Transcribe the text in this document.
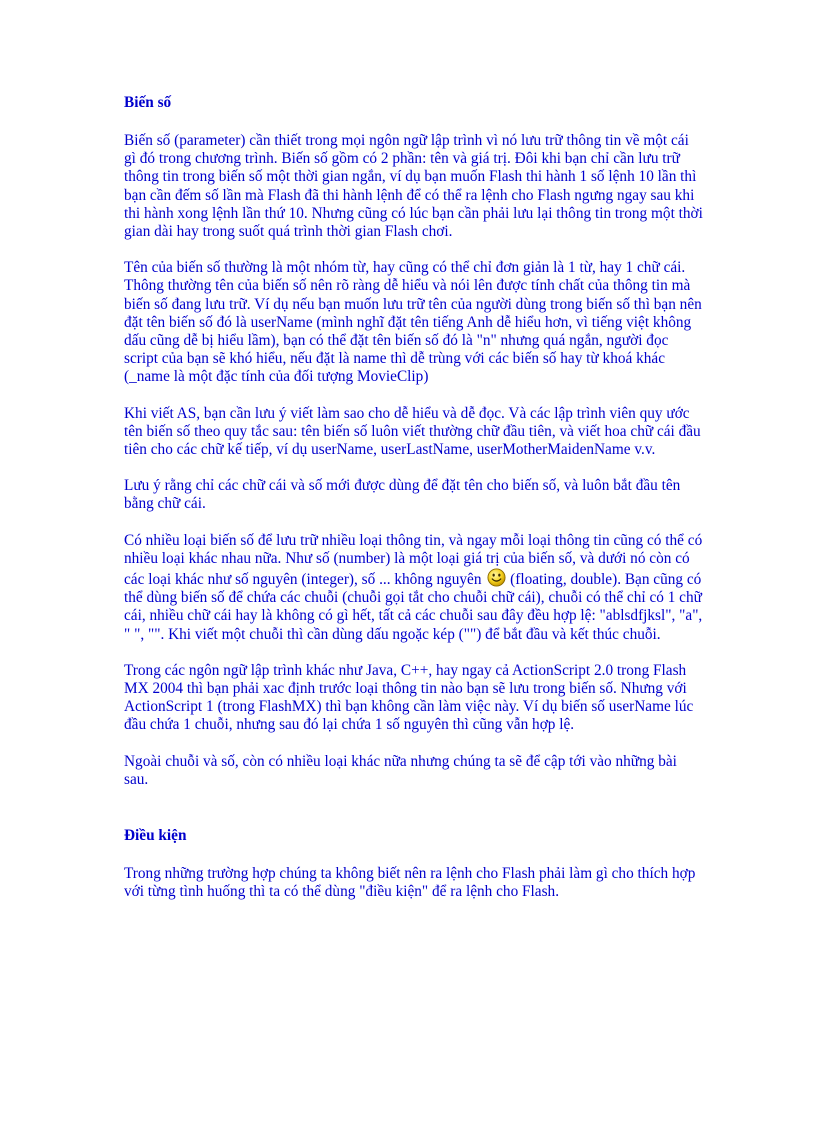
Biến số

Biến số (parameter) cần thiết trong mọi ngôn ngữ lập trình vì nó lưu trữ thông tin về một cái gì đó trong chương trình. Biến số gồm có 2 phần: tên và giá trị. Đôi khi bạn chỉ cần lưu trữ thông tin trong biến số một thời gian ngắn, ví dụ bạn muốn Flash thi hành 1 số lệnh 10 lần thì bạn cần đếm số lần mà Flash đã thi hành lệnh để có thể ra lệnh cho Flash ngưng ngay sau khi thi hành xong lệnh lần thứ 10. Nhưng cũng có lúc bạn cần phải lưu lại thông tin trong một thời gian dài hay trong suốt quá trình thời gian Flash chơi.

Tên của biến số thường là một nhóm từ, hay cũng có thể chỉ đơn giản là 1 từ, hay 1 chữ cái. Thông thường tên của biến số nên rõ ràng dễ hiểu và nói lên được tính chất của thông tin mà biến số đang lưu trữ. Ví dụ nếu bạn muốn lưu trữ tên của người dùng trong biến số thì bạn nên đặt tên biến số đó là userName (mình nghĩ đặt tên tiếng Anh dễ hiểu hơn, vì tiếng việt không dấu cũng dễ bị hiểu lầm), bạn có thể đặt tên biến số đó là "n" nhưng quá ngắn, người đọc script của bạn sẽ khó hiểu, nếu đặt là name thì dễ trùng với các biến số hay từ khoá khác (_name là một đặc tính của đối tượng MovieClip)

Khi viết AS, bạn cần lưu ý viết làm sao cho dễ hiểu và dễ đọc. Và các lập trình viên quy ước tên biến số theo quy tắc sau: tên biến số luôn viết thường chữ đầu tiên, và viết hoa chữ cái đầu tiên cho các chữ kế tiếp, ví dụ userName, userLastName, userMotherMaidenName v.v.

Lưu ý rằng chỉ các chữ cái và số mới được dùng để đặt tên cho biến số, và luôn bắt đầu tên bằng chữ cái.

Có nhiều loại biến số để lưu trữ nhiều loại thông tin, và ngay mỗi loại thông tin cũng có thể có nhiều loại khác nhau nữa. Như số (number) là một loại giá trị của biến số, và dưới nó còn có các loại khác như số nguyên (integer), số ... không nguyên (floating, double). Bạn cũng có thể dùng biến số để chứa các chuỗi (chuỗi gọi tắt cho chuỗi chữ cái), chuỗi có thể chỉ có 1 chữ cái, nhiều chữ cái hay là không có gì hết, tất cả các chuỗi sau đây đều hợp lệ: "ablsdfjksl", "a", " ", "". Khi viết một chuỗi thì cần dùng dấu ngoặc kép ("") để bắt đầu và kết thúc chuỗi.

Trong các ngôn ngữ lập trình khác như Java, C++, hay ngay cả ActionScript 2.0 trong Flash MX 2004 thì bạn phải xac định trước loại thông tin nào bạn sẽ lưu trong biến số. Nhưng với ActionScript 1 (trong FlashMX) thì bạn không cần làm việc này. Ví dụ biến số userName lúc đầu chứa 1 chuỗi, nhưng sau đó lại chứa 1 số nguyên thì cũng vẫn hợp lệ.

Ngoài chuỗi và số, còn có nhiều loại khác nữa nhưng chúng ta sẽ để cập tới vào những bài sau.

Điều kiện

Trong những trường hợp chúng ta không biết nên ra lệnh cho Flash phải làm gì cho thích hợp với từng tình huống thì ta có thể dùng "điều kiện" để ra lệnh cho Flash.
